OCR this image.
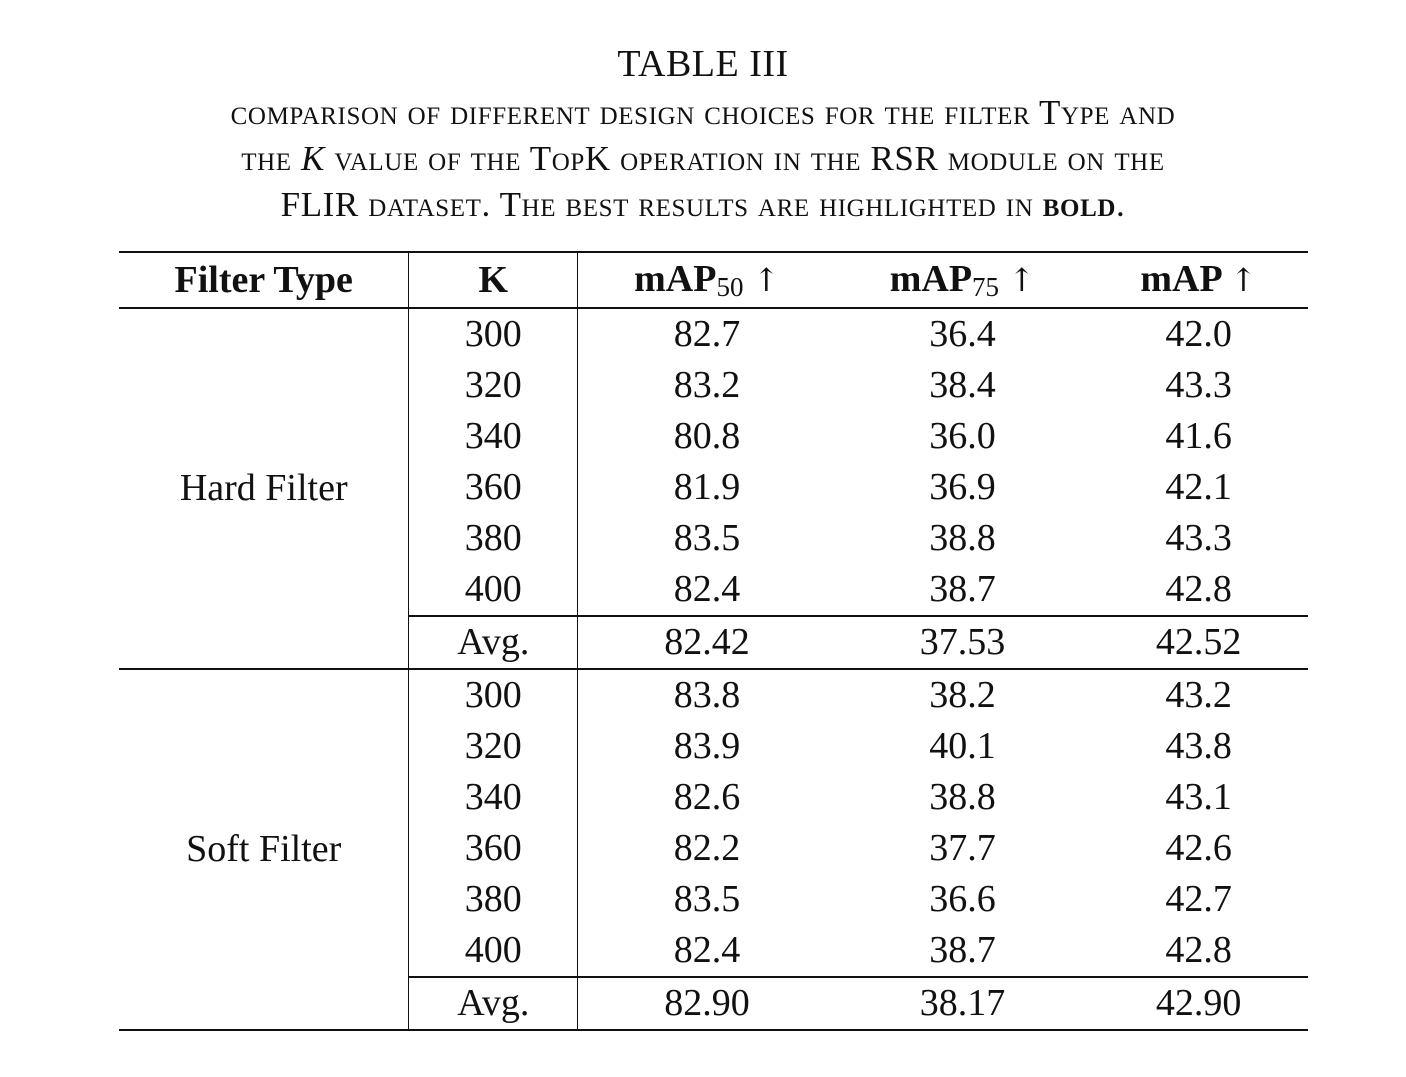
TABLE III
comparison of different design choices for the filter Type and
the K value of the TopK operation in the RSR module on the
FLIR dataset. The best results are highlighted in bold.
Filter Type	K	mAP50 ↑	mAP75 ↑	mAP ↑
Hard Filter	300	82.7	36.4	42.0
	320	83.2	38.4	43.3
	340	80.8	36.0	41.6
	360	81.9	36.9	42.1
	380	83.5	38.8	43.3
	400	82.4	38.7	42.8
	Avg.	82.42	37.53	42.52
Soft Filter	300	83.8	38.2	43.2
	320	83.9	40.1	43.8
	340	82.6	38.8	43.1
	360	82.2	37.7	42.6
	380	83.5	36.6	42.7
	400	82.4	38.7	42.8
	Avg.	82.90	38.17	42.90
